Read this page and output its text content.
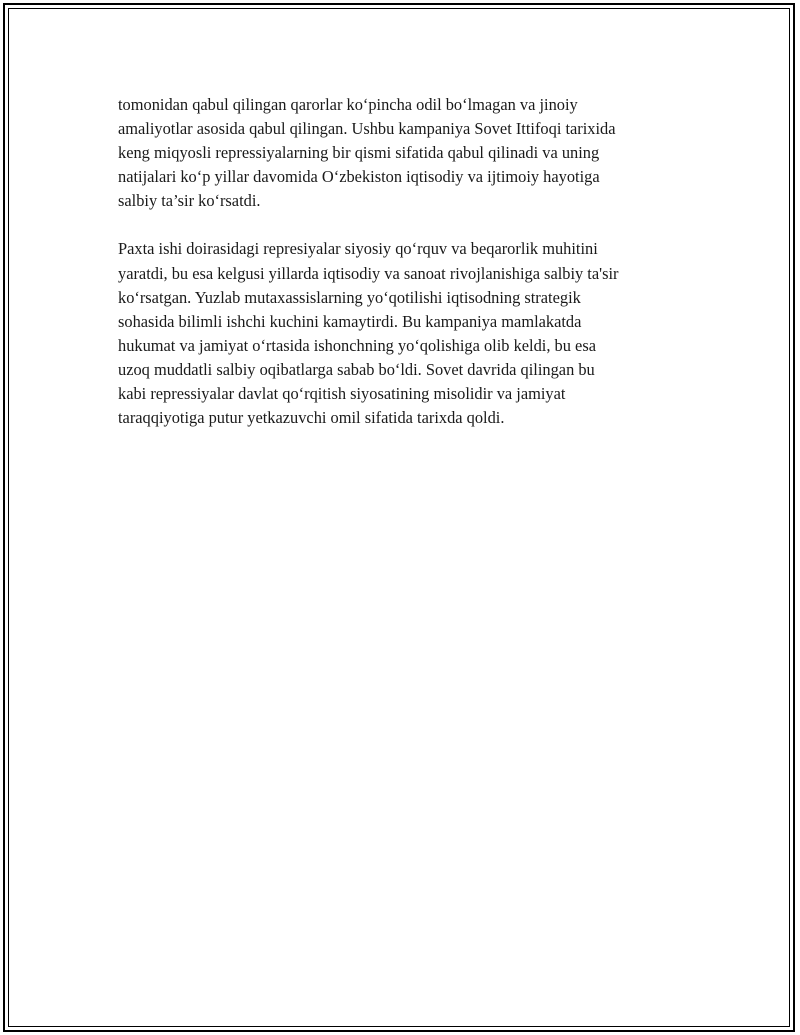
tomonidan qabul qilingan qarorlar ko‘pincha odil bo‘lmagan va jinoiy
amaliyotlar asosida qabul qilingan. Ushbu kampaniya Sovet Ittifoqi tarixida
keng miqyosli repressiyalarning bir qismi sifatida qabul qilinadi va uning
natijalari ko‘p yillar davomida O‘zbekiston iqtisodiy va ijtimoiy hayotiga
salbiy ta’sir ko‘rsatdi.

Paxta ishi doirasidagi represiyalar siyosiy qo‘rquv va beqarorlik muhitini
yaratdi, bu esa kelgusi yillarda iqtisodiy va sanoat rivojlanishiga salbiy ta'sir
ko‘rsatgan. Yuzlab mutaxassislarning yo‘qotilishi iqtisodning strategik
sohasida bilimli ishchi kuchini kamaytirdi. Bu kampaniya mamlakatda
hukumat va jamiyat o‘rtasida ishonchning yo‘qolishiga olib keldi, bu esa
uzoq muddatli salbiy oqibatlarga sabab bo‘ldi. Sovet davrida qilingan bu
kabi repressiyalar davlat qo‘rqitish siyosatining misolidir va jamiyat
taraqqiyotiga putur yetkazuvchi omil sifatida tarixda qoldi.
